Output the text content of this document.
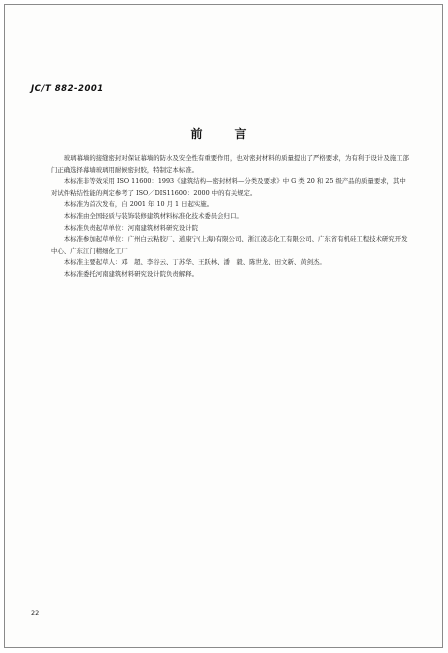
JC/T 882-2001
前　言

玻璃幕墙的接缝密封对保证幕墙的防水及安全性有重要作用，也对密封材料的质量提出了严格要求，为有利于设计及施工部门正确选择幕墙玻璃用耐候密封胶，特制定本标准。

本标准非等效采用 ISO 11600：1993《建筑结构—密封材料—分类及要求》中 G 类 20 和 25 级产品的质量要求，其中对试件粘结性能的判定参考了 ISO／DIS11600：2000 中的有关规定。

本标准为首次发布，自 2001 年 10 月 1 日起实施。

本标准由全国轻质与装饰装修建筑材料标准化技术委员会归口。

本标准负责起草单位：河南建筑材料研究设计院

本标准参加起草单位：广州白云粘胶厂、道康宁(上海)有限公司、浙江凌志化工有限公司、广东省有机硅工程技术研究开发中心、广东江门精细化工厂

本标准主要起草人：邓　超、李谷云、丁苏华、王跃林、潘　毅、陈世龙、田文新、黄剑杰。

本标准委托河南建筑材料研究设计院负责解释。

22
